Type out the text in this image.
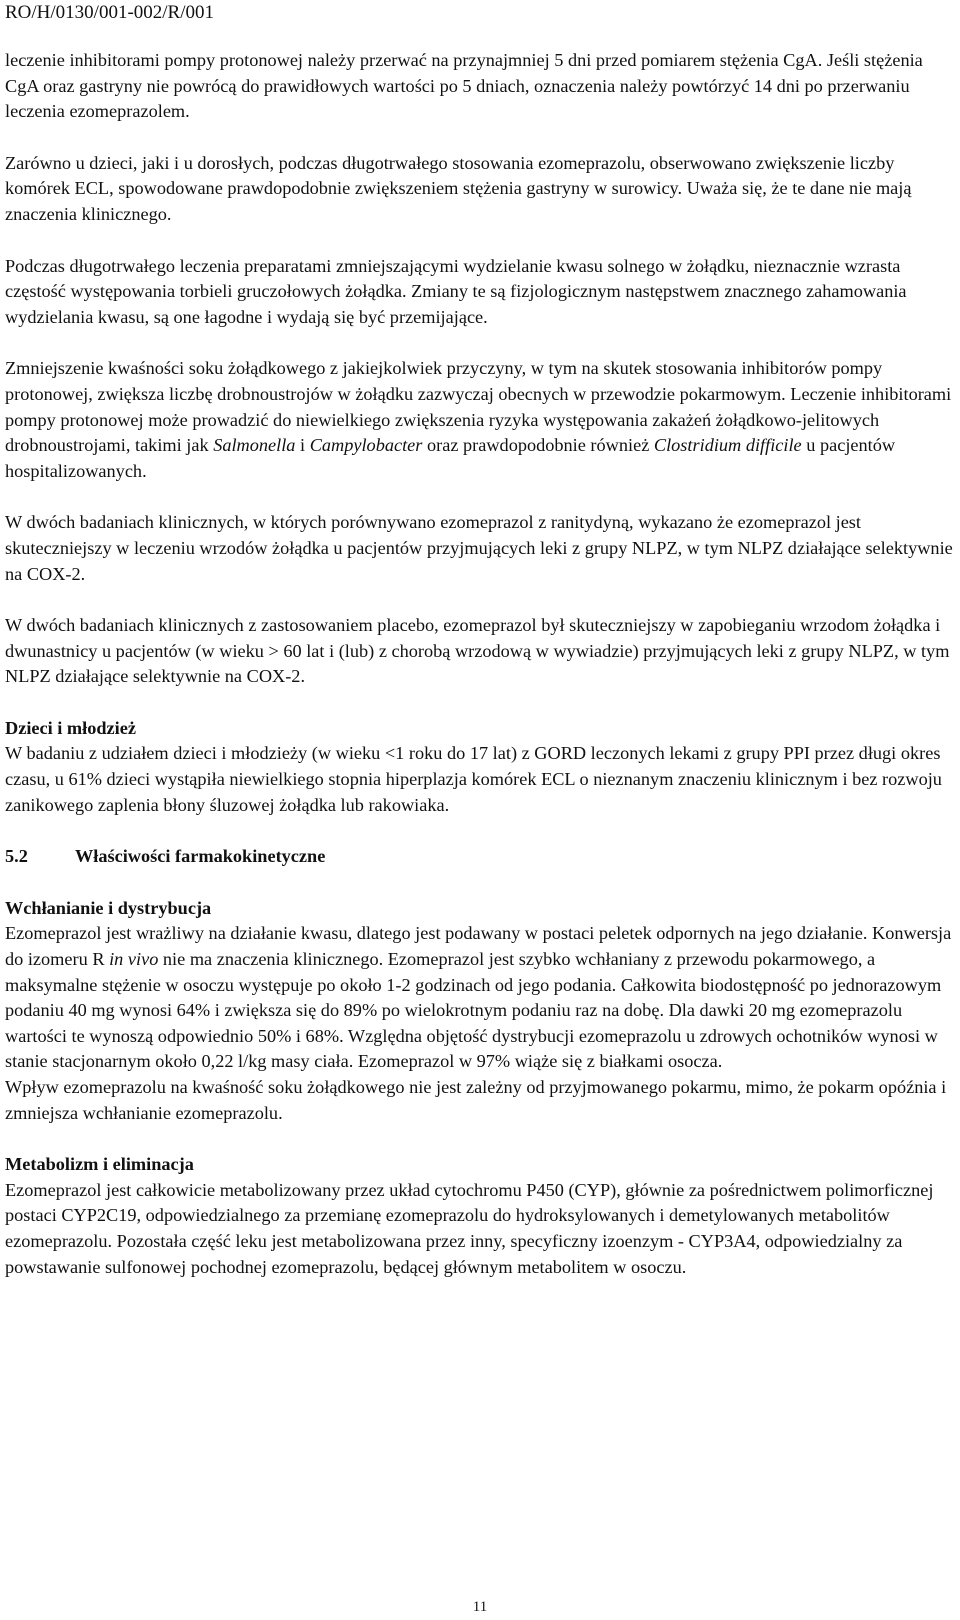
RO/H/0130/001-002/R/001

leczenie inhibitorami pompy protonowej należy przerwać na przynajmniej 5 dni przed pomiarem stężenia CgA. Jeśli stężenia CgA oraz gastryny nie powrócą do prawidłowych wartości po 5 dniach, oznaczenia należy powtórzyć 14 dni po przerwaniu leczenia ezomeprazolem.

Zarówno u dzieci, jaki i u dorosłych, podczas długotrwałego stosowania ezomeprazolu, obserwowano zwiększenie liczby komórek ECL, spowodowane prawdopodobnie zwiększeniem stężenia gastryny w surowicy. Uważa się, że te dane nie mają znaczenia klinicznego.

Podczas długotrwałego leczenia preparatami zmniejszającymi wydzielanie kwasu solnego w żołądku, nieznacznie wzrasta częstość występowania torbieli gruczołowych żołądka. Zmiany te są fizjologicznym następstwem znacznego zahamowania wydzielania kwasu, są one łagodne i wydają się być przemijające.

Zmniejszenie kwaśności soku żołądkowego z jakiejkolwiek przyczyny, w tym na skutek stosowania inhibitorów pompy protonowej, zwiększa liczbę drobnoustrojów w żołądku zazwyczaj obecnych w przewodzie pokarmowym. Leczenie inhibitorami pompy protonowej może prowadzić do niewielkiego zwiększenia ryzyka występowania zakażeń żołądkowo-jelitowych drobnoustrojami, takimi jak Salmonella i Campylobacter oraz prawdopodobnie również Clostridium difficile u pacjentów hospitalizowanych.

W dwóch badaniach klinicznych, w których porównywano ezomeprazol z ranitydyną, wykazano że ezomeprazol jest skuteczniejszy w leczeniu wrzodów żołądka u pacjentów przyjmujących leki z grupy NLPZ, w tym NLPZ działające selektywnie na COX-2.

W dwóch badaniach klinicznych z zastosowaniem placebo, ezomeprazol był skuteczniejszy w zapobieganiu wrzodom żołądka i dwunastnicy u pacjentów (w wieku > 60 lat i (lub) z chorobą wrzodową w wywiadzie) przyjmujących leki z grupy NLPZ, w tym NLPZ działające selektywnie na COX-2.

Dzieci i młodzież
W badaniu z udziałem dzieci i młodzieży (w wieku <1 roku do 17 lat) z GORD leczonych lekami z grupy PPI przez długi okres czasu, u 61% dzieci wystąpiła niewielkiego stopnia hiperplazja komórek ECL o nieznanym znaczeniu klinicznym i bez rozwoju zanikowego zaplenia błony śluzowej żołądka lub rakowiaka.

5.2	Właściwości farmakokinetyczne

Wchłanianie i dystrybucja
Ezomeprazol jest wrażliwy na działanie kwasu, dlatego jest podawany w postaci peletek odpornych na jego działanie. Konwersja do izomeru R in vivo nie ma znaczenia klinicznego. Ezomeprazol jest szybko wchłaniany z przewodu pokarmowego, a maksymalne stężenie w osoczu występuje po około 1-2 godzinach od jego podania. Całkowita biodostępność po jednorazowym podaniu 40 mg wynosi 64% i zwiększa się do 89% po wielokrotnym podaniu raz na dobę. Dla dawki 20 mg ezomeprazolu wartości te wynoszą odpowiednio 50% i 68%. Względna objętość dystrybucji ezomeprazolu u zdrowych ochotników wynosi w stanie stacjonarnym około 0,22 l/kg masy ciała. Ezomeprazol w 97% wiąże się z białkami osocza.

Wpływ ezomeprazolu na kwaśność soku żołądkowego nie jest zależny od przyjmowanego pokarmu, mimo, że pokarm opóźnia i zmniejsza wchłanianie ezomeprazolu.

Metabolizm i eliminacja
Ezomeprazol jest całkowicie metabolizowany przez układ cytochromu P450 (CYP), głównie za pośrednictwem polimorficznej postaci CYP2C19, odpowiedzialnego za przemianę ezomeprazolu do hydroksylowanych i demetylowanych metabolitów ezomeprazolu. Pozostała część leku jest metabolizowana przez inny, specyficzny izoenzym - CYP3A4, odpowiedzialny za powstawanie sulfonowej pochodnej ezomeprazolu, będącej głównym metabolitem w osoczu.

11
